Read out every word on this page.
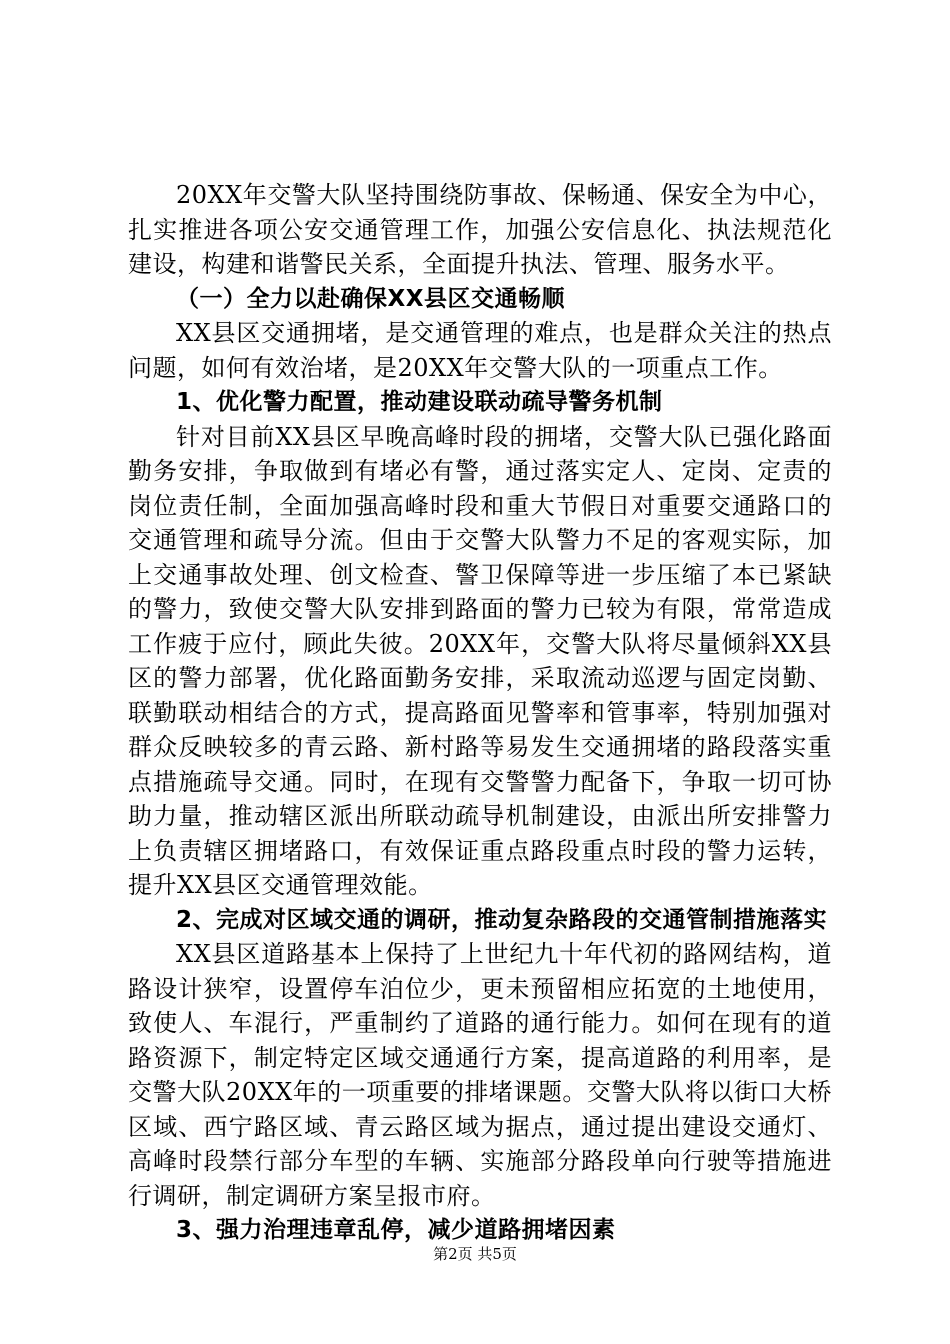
20XX年交警大队坚持围绕防事故、保畅通、保安全为中心，扎实推进各项公安交通管理工作，加强公安信息化、执法规范化建设，构建和谐警民关系，全面提升执法、管理、服务水平。

（一）全力以赴确保XX县区交通畅顺

XX县区交通拥堵，是交通管理的难点，也是群众关注的热点问题，如何有效治堵，是20XX年交警大队的一项重点工作。

1、优化警力配置，推动建设联动疏导警务机制

针对目前XX县区早晚高峰时段的拥堵，交警大队已强化路面勤务安排，争取做到有堵必有警，通过落实定人、定岗、定责的岗位责任制，全面加强高峰时段和重大节假日对重要交通路口的交通管理和疏导分流。但由于交警大队警力不足的客观实际，加上交通事故处理、创文检查、警卫保障等进一步压缩了本已紧缺的警力，致使交警大队安排到路面的警力已较为有限，常常造成工作疲于应付，顾此失彼。20XX年，交警大队将尽量倾斜XX县区的警力部署，优化路面勤务安排，采取流动巡逻与固定岗勤、联勤联动相结合的方式，提高路面见警率和管事率，特别加强对群众反映较多的青云路、新村路等易发生交通拥堵的路段落实重点措施疏导交通。同时，在现有交警警力配备下，争取一切可协助力量，推动辖区派出所联动疏导机制建设，由派出所安排警力上负责辖区拥堵路口，有效保证重点路段重点时段的警力运转，提升XX县区交通管理效能。

2、完成对区域交通的调研，推动复杂路段的交通管制措施落实

XX县区道路基本上保持了上世纪九十年代初的路网结构，道路设计狭窄，设置停车泊位少，更未预留相应拓宽的土地使用，致使人、车混行，严重制约了道路的通行能力。如何在现有的道路资源下，制定特定区域交通通行方案，提高道路的利用率，是交警大队20XX年的一项重要的排堵课题。交警大队将以街口大桥区域、西宁路区域、青云路区域为据点，通过提出建设交通灯、高峰时段禁行部分车型的车辆、实施部分路段单向行驶等措施进行调研，制定调研方案呈报市府。

3、强力治理违章乱停，减少道路拥堵因素

第2页 共5页
